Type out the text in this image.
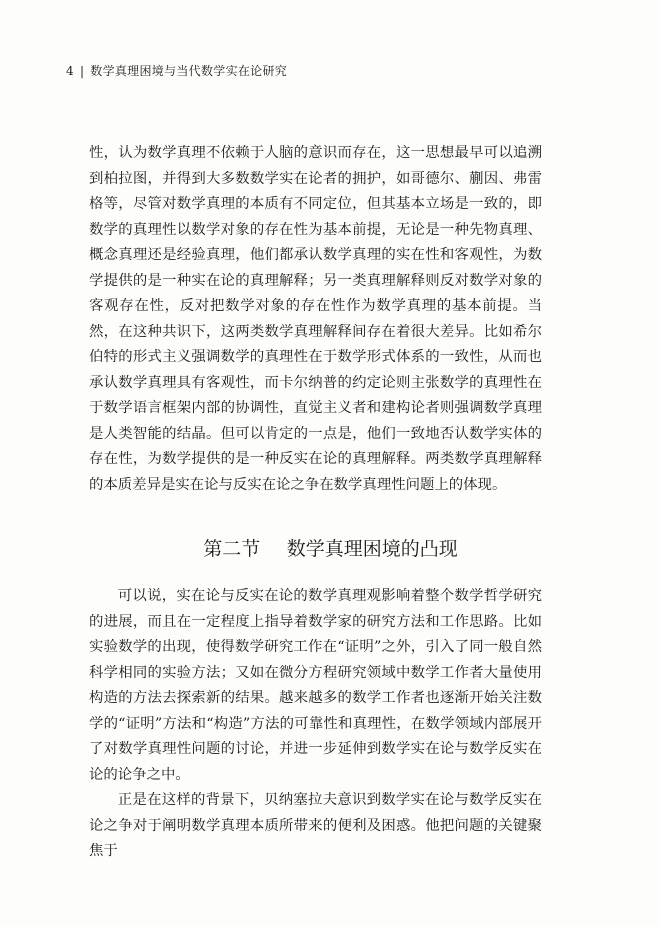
4 | 数学真理困境与当代数学实在论研究

性，认为数学真理不依赖于人脑的意识而存在，这一思想最早可以追溯到柏拉图，并得到大多数数学实在论者的拥护，如哥德尔、蒯因、弗雷格等，尽管对数学真理的本质有不同定位，但其基本立场是一致的，即数学的真理性以数学对象的存在性为基本前提，无论是一种先物真理、概念真理还是经验真理，他们都承认数学真理的实在性和客观性，为数学提供的是一种实在论的真理解释；另一类真理解释则反对数学对象的客观存在性，反对把数学对象的存在性作为数学真理的基本前提。当然，在这种共识下，这两类数学真理解释间存在着很大差异。比如希尔伯特的形式主义强调数学的真理性在于数学形式体系的一致性，从而也承认数学真理具有客观性，而卡尔纳普的约定论则主张数学的真理性在于数学语言框架内部的协调性，直觉主义者和建构论者则强调数学真理是人类智能的结晶。但可以肯定的一点是，他们一致地否认数学实体的存在性，为数学提供的是一种反实在论的真理解释。两类数学真理解释的本质差异是实在论与反实在论之争在数学真理性问题上的体现。

第二节 数学真理困境的凸现

可以说，实在论与反实在论的数学真理观影响着整个数学哲学研究的进展，而且在一定程度上指导着数学家的研究方法和工作思路。比如实验数学的出现，使得数学研究工作在“证明”之外，引入了同一般自然科学相同的实验方法；又如在微分方程研究领域中数学工作者大量使用构造的方法去探索新的结果。越来越多的数学工作者也逐渐开始关注数学的“证明”方法和“构造”方法的可靠性和真理性，在数学领域内部展开了对数学真理性问题的讨论，并进一步延伸到数学实在论与数学反实在论的论争之中。

正是在这样的背景下，贝纳塞拉夫意识到数学实在论与数学反实在论之争对于阐明数学真理本质所带来的便利及困惑。他把问题的关键聚焦于
